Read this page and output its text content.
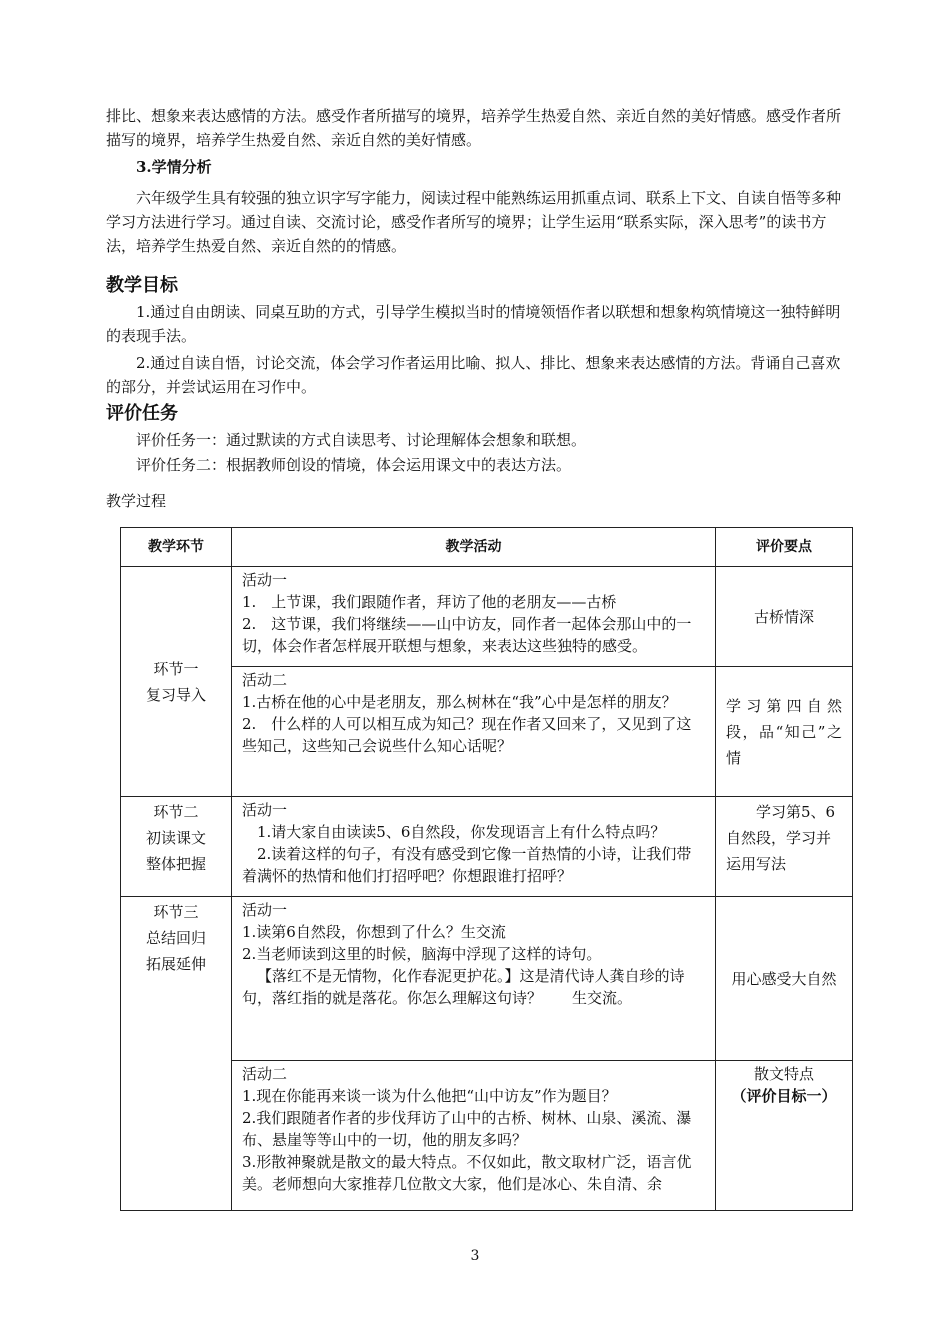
排比、想象来表达感情的方法。感受作者所描写的境界，培养学生热爱自然、亲近自然的美好情感。感受作者所描写的境界，培养学生热爱自然、亲近自然的美好情感。

3.学情分析

六年级学生具有较强的独立识字写字能力，阅读过程中能熟练运用抓重点词、联系上下文、自读自悟等多种学习方法进行学习。通过自读、交流讨论，感受作者所写的境界；让学生运用“联系实际，深入思考”的读书方法，培养学生热爱自然、亲近自然的的情感。

教学目标

1.通过自由朗读、同桌互助的方式，引导学生模拟当时的情境领悟作者以联想和想象构筑情境这一独特鲜明的表现手法。

2.通过自读自悟，讨论交流，体会学习作者运用比喻、拟人、排比、想象来表达感情的方法。背诵自己喜欢的部分，并尝试运用在习作中。

评价任务

评价任务一：通过默读的方式自读思考、讨论理解体会想象和联想。

评价任务二：根据教师创设的情境，体会运用课文中的表达方法。

教学过程

教学环节	教学活动	评价要点

环节一
复习导入	活动一
1.　上节课，我们跟随作者，拜访了他的老朋友——古桥
2.　这节课，我们将继续——山中访友，同作者一起体会那山中的一切，体会作者怎样展开联想与想象，来表达这些独特的感受。	古桥情深

	活动二
1.古桥在他的心中是老朋友，那么树林在“我”心中是怎样的朋友？
2.　什么样的人可以相互成为知己？现在作者又回来了，又见到了这些知己，这些知己会说些什么知心话呢？	学习第四自然段，品“知己”之情

环节二
初读课文
整体把握	活动一
1.请大家自由读读5、6自然段，你发现语言上有什么特点吗？
2.读着这样的句子，有没有感受到它像一首热情的小诗，让我们带着满怀的热情和他们打招呼吧？你想跟谁打招呼？	学习第5、6自然段，学习并运用写法

环节三
总结回归
拓展延伸	活动一
1.读第6自然段，你想到了什么？生交流
2.当老师读到这里的时候，脑海中浮现了这样的诗句。
【落红不是无情物，化作春泥更护花。】这是清代诗人龚自珍的诗句，落红指的就是落花。你怎么理解这句诗？　　生交流。	用心感受大自然

	活动二
1.现在你能再来谈一谈为什么他把“山中访友”作为题目？
2.我们跟随者作者的步伐拜访了山中的古桥、树林、山泉、溪流、瀑布、悬崖等等山中的一切，他的朋友多吗？
3.形散神聚就是散文的最大特点。不仅如此，散文取材广泛，语言优美。老师想向大家推荐几位散文大家，他们是冰心、朱自清、余	散文特点
（评价目标一）
3
